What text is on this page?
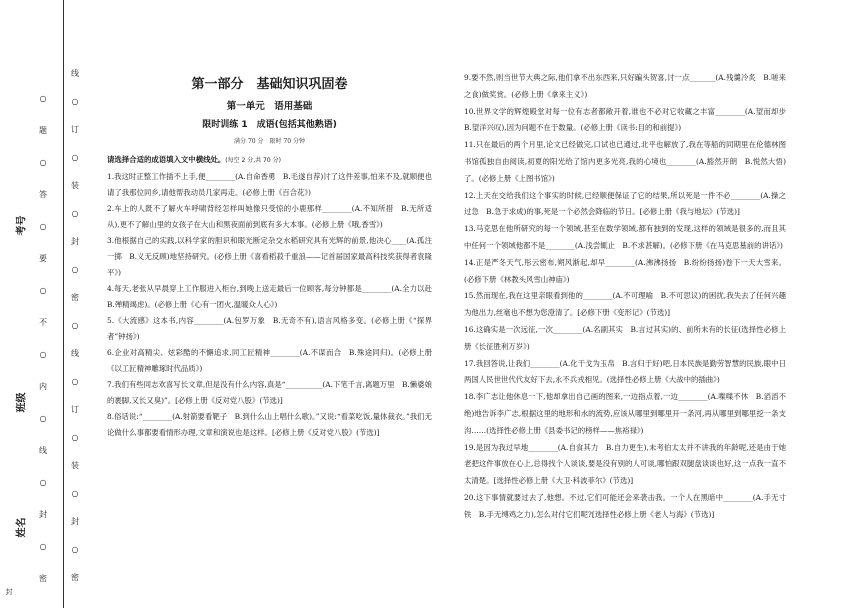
线
○
订
○
装
○
封
○
密
○
线
○
订
○
装
○
封
○
密
○
题
○
答
○
要
○
不
○
内
○
线
○
封
○
密
考号
班级
姓名
封
第一部分　基础知识巩固卷
第一单元　语用基础
限时训练 1　成语(包括其他熟语)
满分 70 分　限时 70 分钟
请选择合适的成语填入文中横线处。(每空 2 分,共 70 分)

1.我这时正整工作插不上手,便________(A.自命香勇　B.毛遂自荐)讨了这件差事,怕来不及,就顺便也请了我那位同乡,请他帮我动员几家再走。(必修上册《百合花》)

2.车上的人既不了解火车呼啸背经怎样叫她像只受惊的小鹿那样________(A.不知所措　B.无所适从),更不了解山里的女孩子在大山和黑夜面前到底有多大本事。(必修上册《哦,香雪》)

3.他根据自己的实践,以科学家的胆识和眼光断定杂交水稻研究具有光辉的前景,他决心____(A.孤注一掷　B.义无反顾)地坚持研究。(必修上册《喜看稻菽千重浪——记首届国家最高科技奖获得者袁隆平》)

4.每天,老张从早晨穿上工作服进入柜台,到晚上送走最后一位顾客,每分钟都是________(A.全力以赴　B.殚精竭虑)。(必修上册《心有一团火,温暖众人心》)

5.《大流感》这本书,内容________(A.包罗万象　B.无奇不有),语言风格多变。(必修上册《“探界者”钟扬》)

6.企业对高精尖、炫彩酷的不懈追求,同工匠精神________(A.不谋而合　B.殊途同归)。(必修上册《以工匠精神雕琢时代品质》)

7.我们有些同志欢喜写长文章,但是没有什么内容,真是“__________(A.下笔千言,离题万里　B.懒婆娘的裹脚,又长又臭)”。[必修上册《反对党八股》(节选)]

8.俗话说:“________(A.射箭要看靶子　B.到什么山上唱什么歌)。”又说:“看菜吃饭,量体裁衣。”我们无论做什么事都要看情形办理,文章和演说也是这样。[必修上册《反对党八股》(节选)]

9.要不然,则当世节大典之际,他们拿不出东西来,只好蹁头贺喜,讨一点_______(A.残羹冷炙　B.嗟来之食)做奖赏。(必修上册《拿来主义》)

10.世界文学的辉煌殿堂对每一位有志者都敞开着,谁也不必对它收藏之丰富________(A.望而却步　B.望洋兴叹),因为问题不在于数量。(必修上册《读书:目的和前提》)

11.只在最后的两个月里,论文已经做完,口试也已通过,北平也解放了,我在等船的同期里在伦德林图书馆孤独自由阅读,初夏的阳光给了馆内更多光亮,我的心境也________(A.豁然开朗　B.悦然大悟)了。(必修上册《上图书馆》)

12.上天在交给我们这个事实的时候,已经顺便保证了它的结果,所以死是一件不必________(A.操之过急　B.急于求成)的事,死是一个必然会降临的节日。[必修上册《我与地坛》(节选)]

13.马克思在他所研究的每一个领域,甚至在数学领域,都有独到的发现,这样的领域是很多的,而且其中任何一个领域他都不是________(A.浅尝辄止　B.不求甚解)。(必修下册《在马克思墓前的讲话》)

14.正是严冬天气,彤云密布,朔风渐起,却早________(A.沸沸扬扬　B.纷纷扬扬)卷下一天大雪来。(必修下册《林教头风雪山神庙》)

15.然而现在,我在这里亲眼看到他的________(A.不可理喻　B.不可思议)的困扰,我失去了任何兴趣为他出力,丝毫也不想为您澄清了。[必修下册《变形记》(节选)]

16.这确实是一次远征,一次________(A.名副其实　B.言过其实)的、前所未有的长征(选择性必修上册《长征胜利万岁》)

17.我回答说,让我们________(A.化干戈为玉帛　B.言归于好)吧,日本民族是勤劳智慧的民族,眼中日两国人民世世代代友好下去,永不兵戎相见。(选择性必修上册《大战中的插曲》)

18.李广志让他休息一下,他却拿出自己画的图来,一边指点着,一边________(A.喋喋不休　B.滔滔不绝)地告诉李广志,根据这里的地形和水的流势,应该从哪里到哪里开一条河,再从哪里到哪里挖一条支沟……(选择性必修上册《县委书记的榜样——焦裕禄》)

19.是因为我过早地________(A.自食其力　B.自力更生),未考伯太太并不讲我的年龄呢,还是由于她老把这件事放在心上,总得找个人谈谈,要是没有别的人可谈,哪怕跟双腿盘谈谈也好,这一点我一直不太清楚。[选择性必修上册《大卫·科波菲尔》(节选)]

20.这下事情就要过去了,他想。不过,它们可能还会来袭击我。一个人在黑暗中________(A.手无寸铁　B.手无缚鸡之力),怎么对付它们呢?[选择性必修上册《老人与海》(节选)]
